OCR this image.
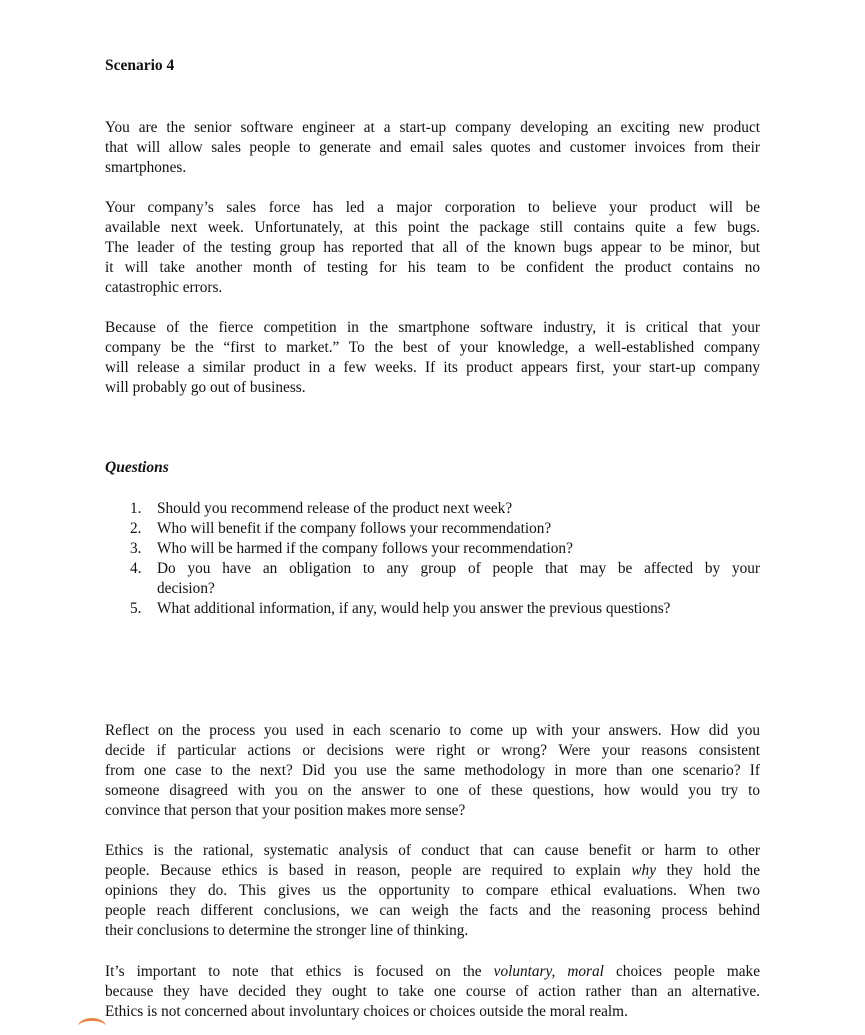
Scenario 4
You are the senior software engineer at a start-up company developing an exciting new product
that will allow sales people to generate and email sales quotes and customer invoices from their
smartphones.
Your company’s sales force has led a major corporation to believe your product will be
available next week. Unfortunately, at this point the package still contains quite a few bugs.
The leader of the testing group has reported that all of the known bugs appear to be minor, but
it will take another month of testing for his team to be confident the product contains no
catastrophic errors.
Because of the fierce competition in the smartphone software industry, it is critical that your
company be the “first to market.” To the best of your knowledge, a well-established company
will release a similar product in a few weeks. If its product appears first, your start-up company
will probably go out of business.
Questions
1.	Should you recommend release of the product next week?
2.	Who will benefit if the company follows your recommendation?
3.	Who will be harmed if the company follows your recommendation?
4.	Do you have an obligation to any group of people that may be affected by your
decision?
5.	What additional information, if any, would help you answer the previous questions?
Reflect on the process you used in each scenario to come up with your answers. How did you
decide if particular actions or decisions were right or wrong? Were your reasons consistent
from one case to the next? Did you use the same methodology in more than one scenario? If
someone disagreed with you on the answer to one of these questions, how would you try to
convince that person that your position makes more sense?
Ethics is the rational, systematic analysis of conduct that can cause benefit or harm to other
people. Because ethics is based in reason, people are required to explain why they hold the
opinions they do. This gives us the opportunity to compare ethical evaluations. When two
people reach different conclusions, we can weigh the facts and the reasoning process behind
their conclusions to determine the stronger line of thinking.
It’s important to note that ethics is focused on the voluntary, moral choices people make
because they have decided they ought to take one course of action rather than an alternative.
Ethics is not concerned about involuntary choices or choices outside the moral realm.
